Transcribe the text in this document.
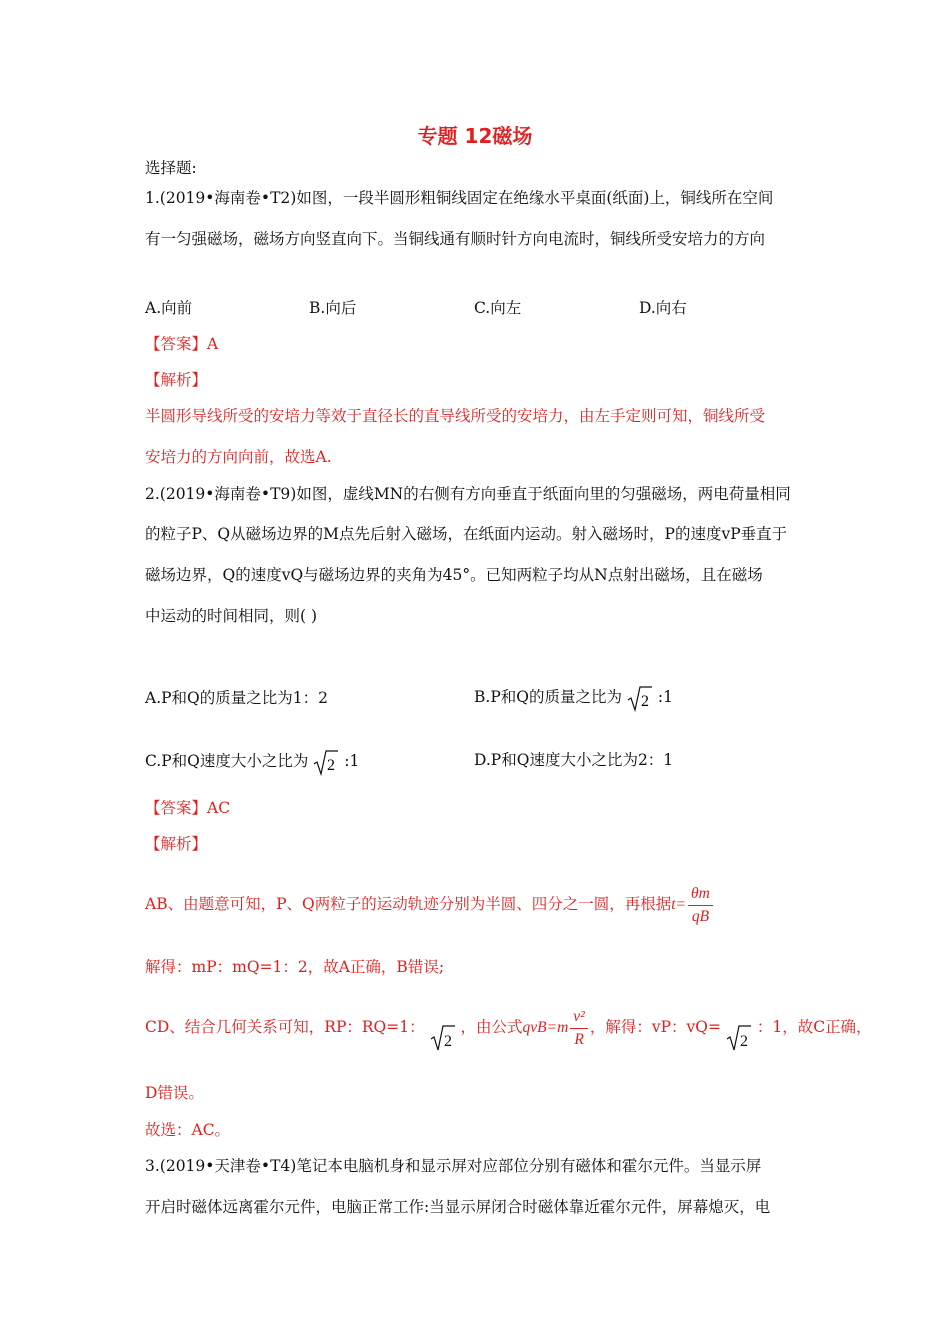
专题 12磁场
选择题:
1.(2019•海南卷•T2)如图，一段半圆形粗铜线固定在绝缘水平桌面(纸面)上，铜线所在空间
有一匀强磁场，磁场方向竖直向下。当铜线通有顺时针方向电流时，铜线所受安培力的方向
A.向前	B.向后	C.向左	D.向右
【答案】A
【解析】
半圆形导线所受的安培力等效于直径长的直导线所受的安培力，由左手定则可知，铜线所受
安培力的方向向前，故选A.
2.(2019•海南卷•T9)如图，虚线MN的右侧有方向垂直于纸面向里的匀强磁场，两电荷量相同
的粒子P、Q从磁场边界的M点先后射入磁场，在纸面内运动。射入磁场时，P的速度vP垂直于
磁场边界，Q的速度vQ与磁场边界的夹角为45°。已知两粒子均从N点射出磁场，且在磁场
中运动的时间相同，则( )
A.P和Q的质量之比为1：2	B.P和Q的质量之比为 2 :1
C.P和Q速度大小之比为 2 :1	D.P和Q速度大小之比为2：1
【答案】AC
【解析】
AB、由题意可知，P、Q两粒子的运动轨迹分别为半圆、四分之一圆，再根据$t= \frac{\theta m}{qB}$
解得：mP：mQ=1：2，故A正确，B错误;
CD、结合几何关系可知，RP：RQ=1：
2
，由公式$qvB=m \frac{\text{v²}}{R}$ ，解得：vP：vQ=
2
：1，故C正确，
D错误。
故选：AC。
3.(2019•天津卷•T4)笔记本电脑机身和显示屏对应部位分别有磁体和霍尔元件。当显示屏
开启时磁体远离霍尔元件，电脑正常工作:当显示屏闭合时磁体靠近霍尔元件，屏幕熄灭，电
